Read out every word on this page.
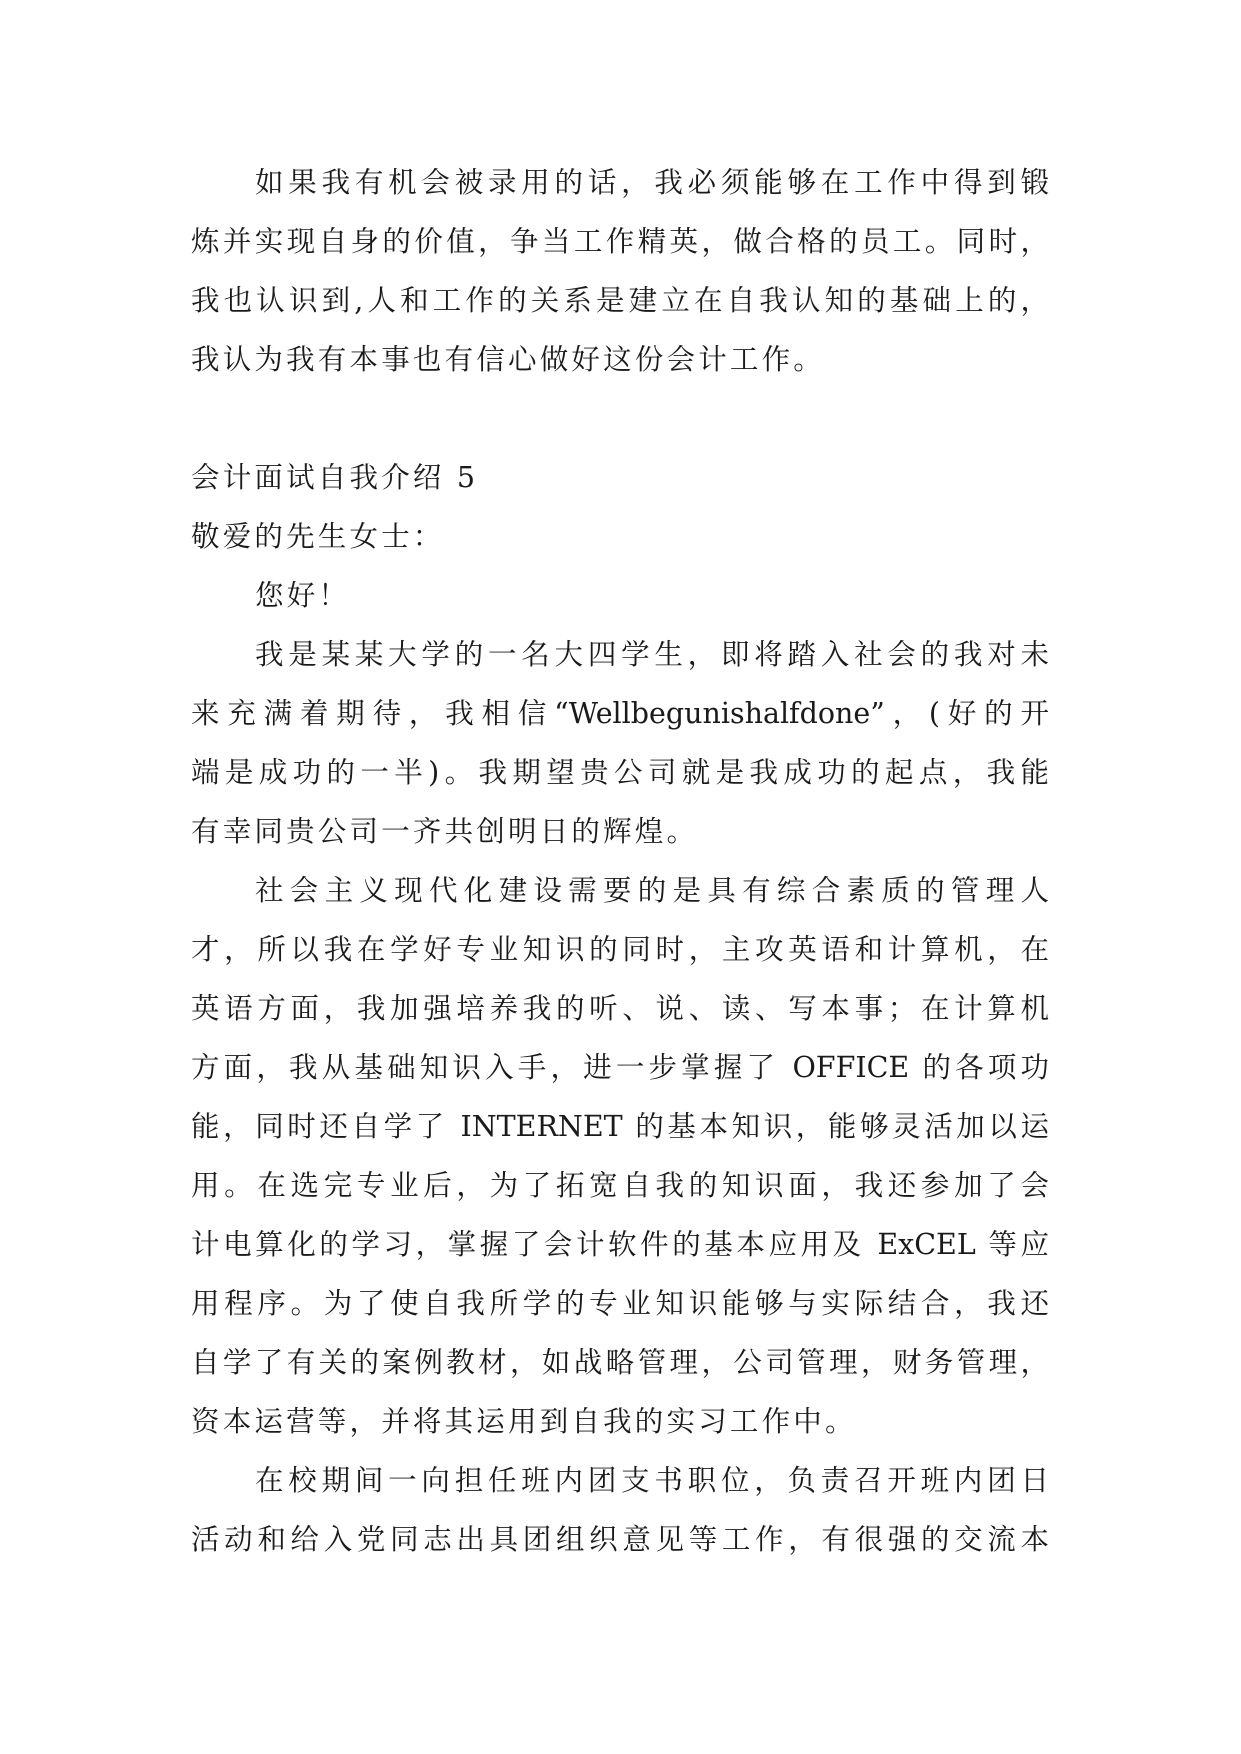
如果我有机会被录用的话，我必须能够在工作中得到锻
炼并实现自身的价值，争当工作精英，做合格的员工。同时，
我也认识到,人和工作的关系是建立在自我认知的基础上的，
我认为我有本事也有信心做好这份会计工作。
会计面试自我介绍 5
敬爱的先生女士：
您好！
我是某某大学的一名大四学生，即将踏入社会的我对未
来充满着期待，我相信“Wellbegunishalfdone”，(好的开
端是成功的一半)。我期望贵公司就是我成功的起点，我能
有幸同贵公司一齐共创明日的辉煌。
社会主义现代化建设需要的是具有综合素质的管理人
才，所以我在学好专业知识的同时，主攻英语和计算机，在
英语方面，我加强培养我的听、说、读、写本事；在计算机
方面，我从基础知识入手，进一步掌握了 OFFICE 的各项功
能，同时还自学了 INTERNET 的基本知识，能够灵活加以运
用。在选完专业后，为了拓宽自我的知识面，我还参加了会
计电算化的学习，掌握了会计软件的基本应用及 ExCEL 等应
用程序。为了使自我所学的专业知识能够与实际结合，我还
自学了有关的案例教材，如战略管理，公司管理，财务管理，
资本运营等，并将其运用到自我的实习工作中。
在校期间一向担任班内团支书职位，负责召开班内团日
活动和给入党同志出具团组织意见等工作，有很强的交流本
